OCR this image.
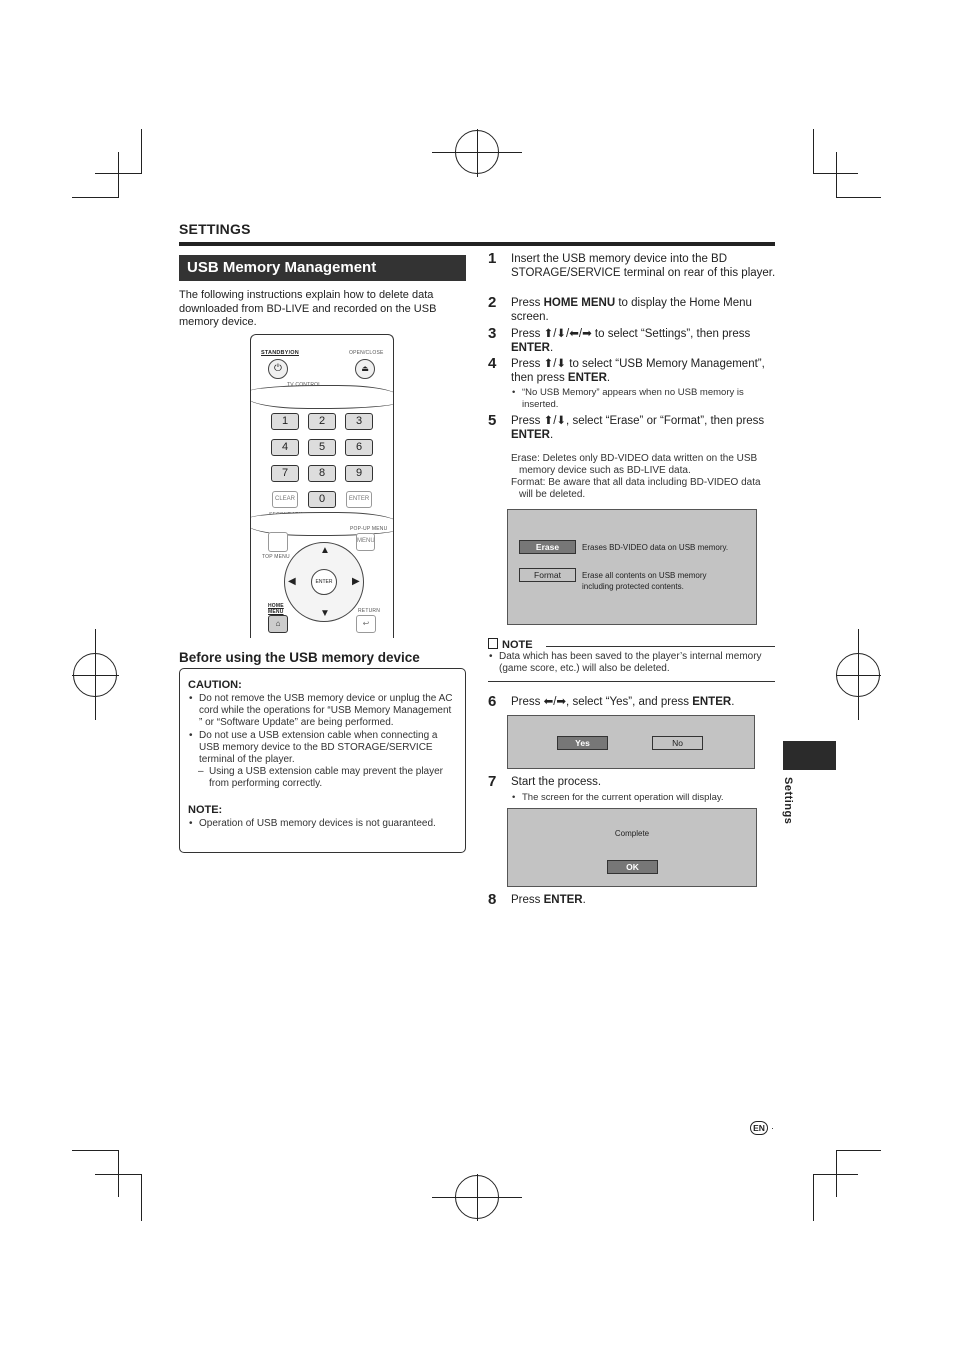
SETTINGS
USB Memory Management
The following instructions explain how to delete data downloaded from BD-LIVE and recorded on the USB memory device.
STANDBY/ON	OPEN/CLOSE
⏻	⏏
1	2	3
4	5	6
7	8	9
CLEAR	0	ENTER
POP-UP MENU
MENU
TOP MENU
▲
▼
◀	▶
ENTER
HOME MENU	RETURN
⌂	↩
Before using the USB memory device
CAUTION:
• Do not remove the USB memory device or unplug the AC cord while the operations for “USB Memory Management ” or “Software Update” are being performed.
• Do not use a USB extension cable when connecting a USB memory device to the BD STORAGE/SERVICE terminal of the player.
– Using a USB extension cable may prevent the player from performing correctly.
NOTE:
• Operation of USB memory devices is not guaranteed.
1 Insert the USB memory device into the BD STORAGE/SERVICE terminal on rear of this player.
2 Press HOME MENU to display the Home Menu screen.
3 Press ⬆/⬇/⬅/➡ to select “Settings”, then press ENTER.
4 Press ⬆/⬇ to select “USB Memory Management”, then press ENTER.
• “No USB Memory” appears when no USB memory is inserted.
5 Press ⬆/⬇, select “Erase” or “Format”, then press ENTER.
Erase: Deletes only BD-VIDEO data written on the USB memory device such as BD-LIVE data.
Format: Be aware that all data including BD-VIDEO data will be deleted.
Erase	Erases BD-VIDEO data on USB memory.
Format	Erase all contents on USB memory including protected contents.
NOTE
• Data which has been saved to the player’s internal memory (game score, etc.) will also be deleted.
6 Press ⬅/➡, select “Yes”, and press ENTER.
Yes	No
7 Start the process.
• The screen for the current operation will display.
Complete
OK
8 Press ENTER.
Settings
EN ·
